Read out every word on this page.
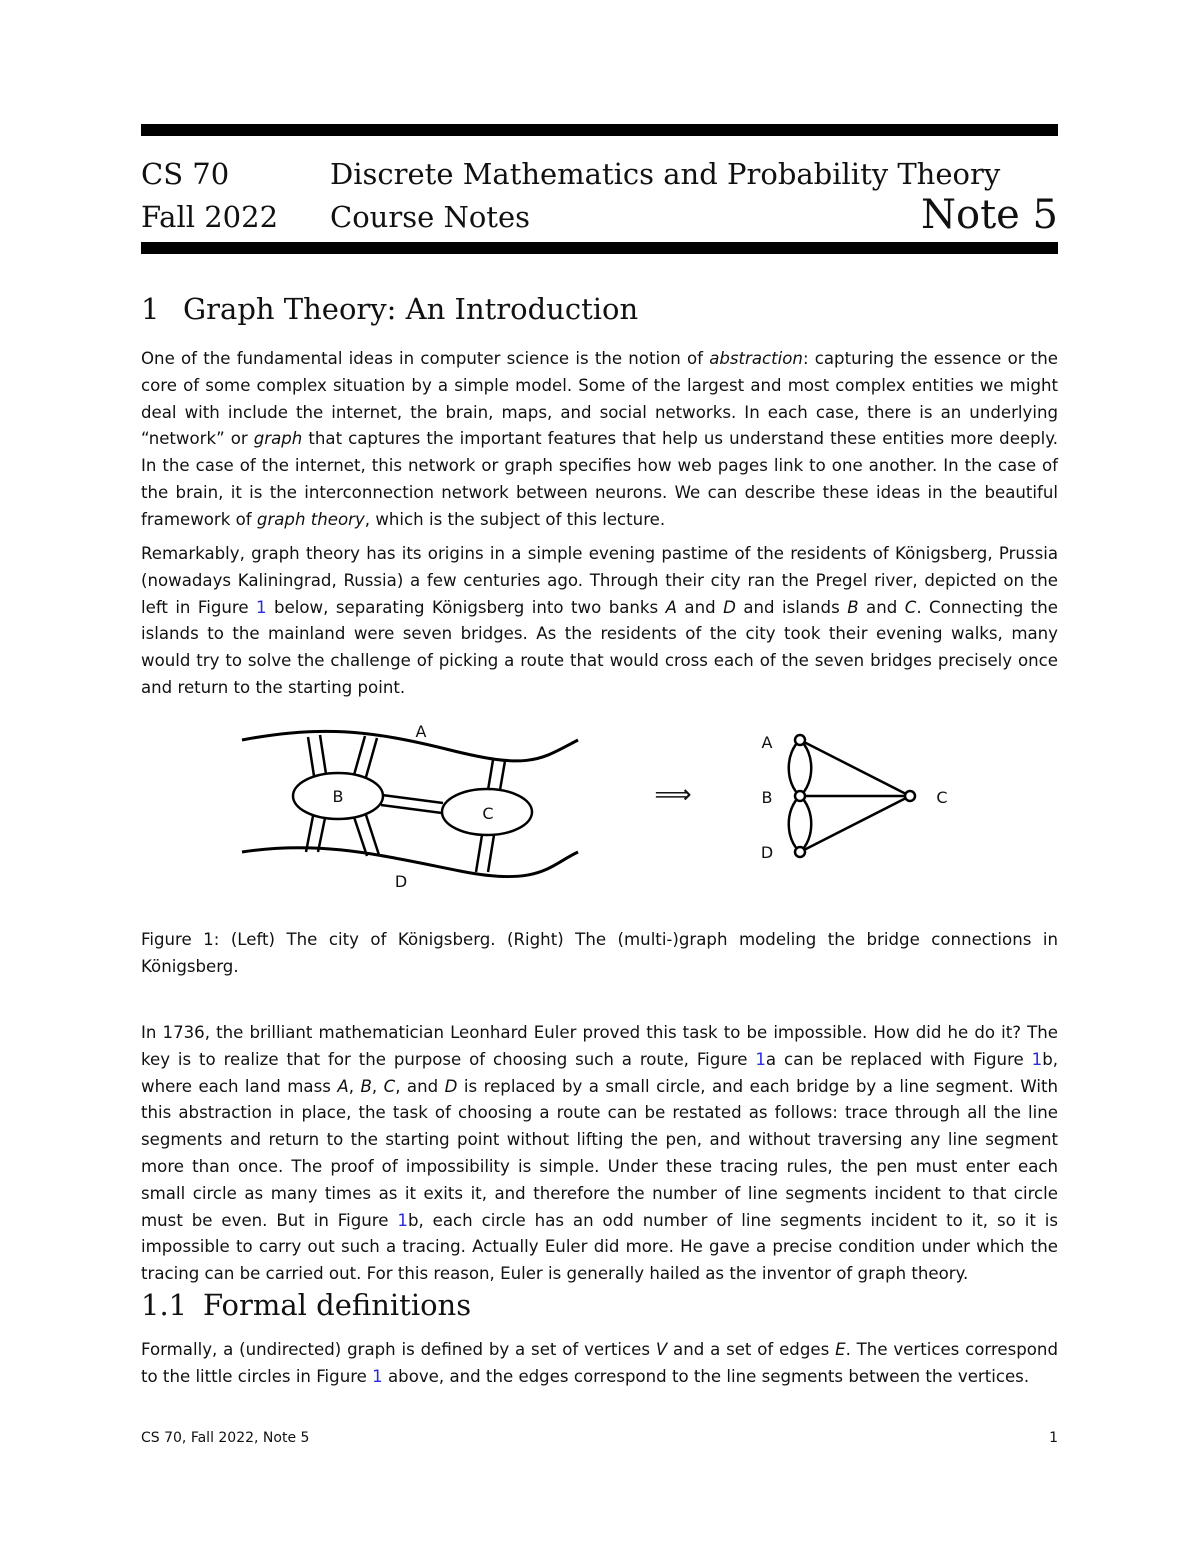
CS 70
Fall 2022
Discrete Mathematics and Probability Theory
Course Notes	Note 5
1 Graph Theory: An Introduction

One of the fundamental ideas in computer science is the notion of abstraction: capturing the essence or the core of some complex situation by a simple model. Some of the largest and most complex entities we might deal with include the internet, the brain, maps, and social networks. In each case, there is an underlying “network” or graph that captures the important features that help us understand these entities more deeply. In the case of the internet, this network or graph specifies how web pages link to one another. In the case of the brain, it is the interconnection network between neurons. We can describe these ideas in the beautiful framework of graph theory, which is the subject of this lecture.

Remarkably, graph theory has its origins in a simple evening pastime of the residents of Königsberg, Prussia (nowadays Kaliningrad, Russia) a few centuries ago. Through their city ran the Pregel river, depicted on the left in Figure 1 below, separating Königsberg into two banks A and D and islands B and C. Connecting the islands to the mainland were seven bridges. As the residents of the city took their evening walks, many would try to solve the challenge of picking a route that would cross each of the seven bridges precisely once and return to the starting point.

A
B
C
D
⟹
A
B	C
D

Figure 1: (Left) The city of Königsberg. (Right) The (multi-)graph modeling the bridge connections in Königsberg.

In 1736, the brilliant mathematician Leonhard Euler proved this task to be impossible. How did he do it? The key is to realize that for the purpose of choosing such a route, Figure 1a can be replaced with Figure 1b, where each land mass A, B, C, and D is replaced by a small circle, and each bridge by a line segment. With this abstraction in place, the task of choosing a route can be restated as follows: trace through all the line segments and return to the starting point without lifting the pen, and without traversing any line segment more than once. The proof of impossibility is simple. Under these tracing rules, the pen must enter each small circle as many times as it exits it, and therefore the number of line segments incident to that circle must be even. But in Figure 1b, each circle has an odd number of line segments incident to it, so it is impossible to carry out such a tracing. Actually Euler did more. He gave a precise condition under which the tracing can be carried out. For this reason, Euler is generally hailed as the inventor of graph theory.

1.1 Formal definitions

Formally, a (undirected) graph is defined by a set of vertices V and a set of edges E. The vertices correspond to the little circles in Figure 1 above, and the edges correspond to the line segments between the vertices.

CS 70, Fall 2022, Note 5	1
